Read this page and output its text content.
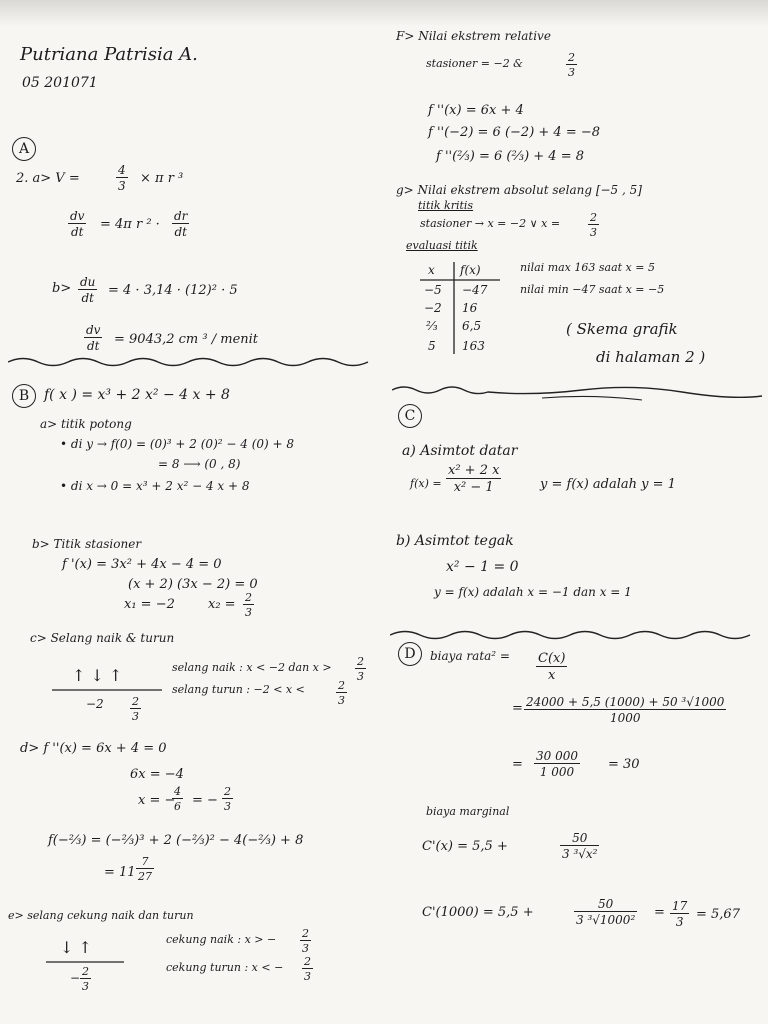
Putriana Patrisia A.
05 201071
A
2. a> V =	$\frac{4}{3} \times \pi$ r ³
$\frac{dv}{dt} = 4\pi$ r $^2 \cdot \frac{dr}{dt}$
$b> \frac{du}{dt} = 4 \cdot 3,14 \cdot (12)^2 \cdot 5$
$\frac{dv}{dt} = 9043,2$ cm ³ / menit
B	f( x ) = x³ + 2 x² − 4 x + 8
a> titik potong
• di y → f(0) = (0)³ + 2 (0)² − 4 (0) + 8
= 8 ⟶ (0 , 8)
• di x → 0 = x³ + 2 x² − 4 x + 8
b> Titik stasioner
f '(x) = 3x² + 4x − 4 = 0
(x + 2) (3x − 2) = 0
x₁ = −2	$x_2 = \frac{2}{3}$
c> Selang naik & turun
↑ ↓ ↑
$-2 \frac{2}{3}$
selang naik : x < −2 dan $x > \frac{2}{3}$
selang turun : −2 < x <	$\frac{2}{3}$
d> f ''(x) = 6x + 4 = 0
6x = −4
x = −
$\frac{4}{6}$ = − $\frac{2}{3}$
f(−⅔) = (−⅔)³ + 2 (−⅔)² − 4(−⅔) + 8
= $11 \frac{7}{27}$
e> selang cekung naik dan turun
↓ ↑
− $\frac{2}{3}$
cekung naik : x > − $\frac{2}{3}$
cekung turun : x < − $\frac{2}{3}$
F> Nilai ekstrem relative
stasioner = −2 &	$\frac{2}{3}$
f ''(x) = 6x + 4
f ''(−2) = 6 (−2) + 4 = −8
f ''(⅔) = 6 (⅔) + 4 = 8
g> Nilai ekstrem absolut selang [−5 , 5]
titik kritis
stasioner → x = −2 ∨ x =	$\frac{2}{3}$
evaluasi titik
x f(x)
−5 −47
−2 16
⅔ 6,5
5 163
nilai max 163 saat x = 5
nilai min −47 saat x = −5
( Skema grafik
di halaman 2 )
C
a) Asimtot datar
$f(x) = \frac{\text{x² + 2 x}}{\text{x² − 1}}$	y = f(x) adalah y = 1
b) Asimtot tegak
x² − 1 = 0
y = f(x) adalah x = −1 dan x = 1
D	biaya rata² = $\frac{C(x)}{x}$
= $\frac{\text{24000 + 5,5 (1000) + 50 ³√1000}}{1000}$
= $\frac{30 000}{1 000} = 30$
biaya marginal
C'(x) = 5,5 +	$\frac{50}{\text{3 ³√x²}}$
C'(1000) = 5,5 +	$\frac{50}{\text{3 ³√1000²}} = \frac{17}{3} = 5,67$
